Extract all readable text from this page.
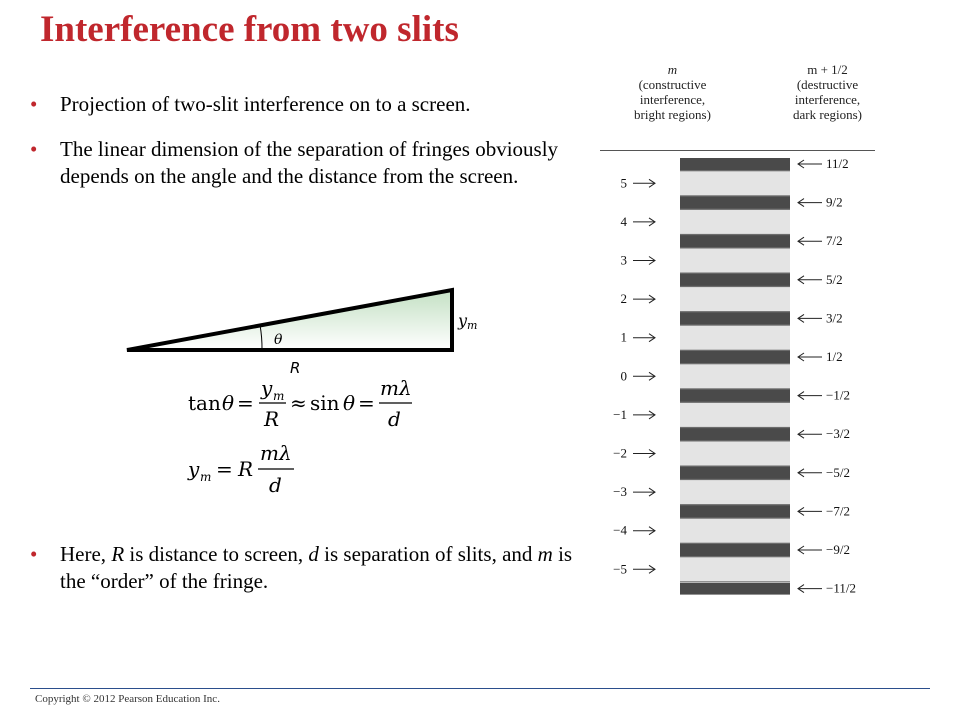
Interference from two slits
• Projection of two-slit interference on to a screen.
• The linear dimension of the separation of fringes obviously depends on the angle and the distance from the screen.
• Here, R is distance to screen, d is separation of slits, and m is the “order” of the fringe.
θ
R
ym
tan θ =
y m
R
≈ sin θ =
mλ
d
y m = R
mλ
d
m
(constructive
interference,
bright regions)
m + 1/2
(destructive
interference,
dark regions)
5
4
3
2
1
0
−1
−2
−3
−4
−5
11/2
9/2
7/2
5/2
3/2
1/2
−1/2
−3/2
−5/2
−7/2
−9/2
−11/2
Copyright © 2012 Pearson Education Inc.
